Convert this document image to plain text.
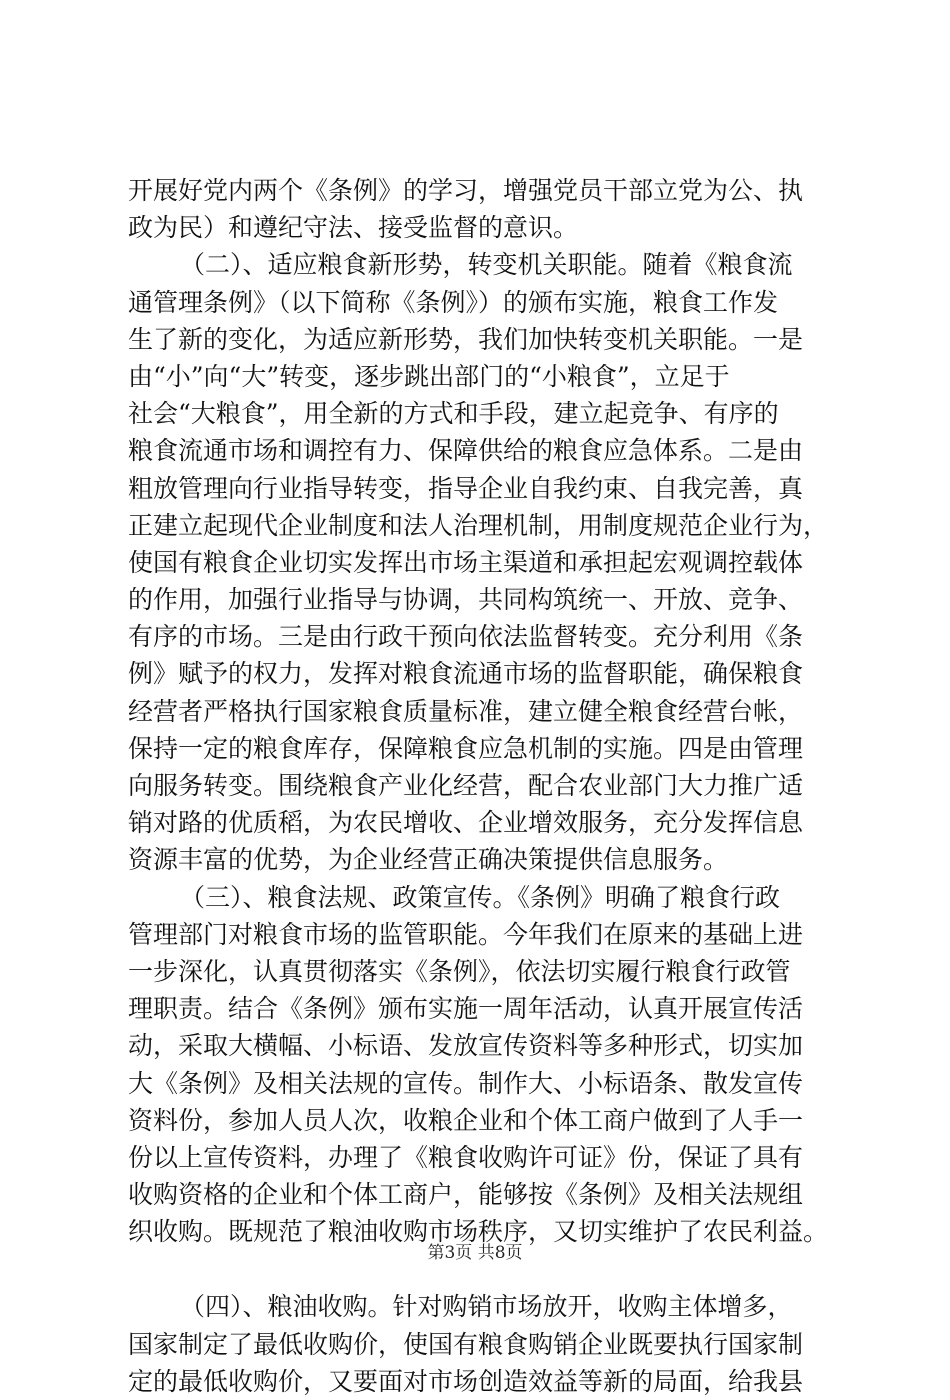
开展好党内两个《条例》的学习，增强党员干部立党为公、执
政为民）和遵纪守法、接受监督的意识。
（二）、适应粮食新形势，转变机关职能。随着《粮食流
通管理条例》（以下简称《条例》）的颁布实施，粮食工作发
生了新的变化，为适应新形势，我们加快转变机关职能。一是
由“小”向“大”转变，逐步跳出部门的“小粮食”，立足于
社会“大粮食”，用全新的方式和手段，建立起竞争、有序的
粮食流通市场和调控有力、保障供给的粮食应急体系。二是由
粗放管理向行业指导转变，指导企业自我约束、自我完善，真
正建立起现代企业制度和法人治理机制，用制度规范企业行为，
使国有粮食企业切实发挥出市场主渠道和承担起宏观调控载体
的作用，加强行业指导与协调，共同构筑统一、开放、竞争、
有序的市场。三是由行政干预向依法监督转变。充分利用《条
例》赋予的权力，发挥对粮食流通市场的监督职能，确保粮食
经营者严格执行国家粮食质量标准，建立健全粮食经营台帐，
保持一定的粮食库存，保障粮食应急机制的实施。四是由管理
向服务转变。围绕粮食产业化经营，配合农业部门大力推广适
销对路的优质稻，为农民增收、企业增效服务，充分发挥信息
资源丰富的优势，为企业经营正确决策提供信息服务。
（三）、粮食法规、政策宣传。《条例》明确了粮食行政
管理部门对粮食市场的监管职能。今年我们在原来的基础上进
一步深化，认真贯彻落实《条例》，依法切实履行粮食行政管
理职责。结合《条例》颁布实施一周年活动，认真开展宣传活
动，采取大横幅、小标语、发放宣传资料等多种形式，切实加
大《条例》及相关法规的宣传。制作大、小标语条、散发宣传
资料份，参加人员人次，收粮企业和个体工商户做到了人手一
份以上宣传资料，办理了《粮食收购许可证》份，保证了具有
收购资格的企业和个体工商户，能够按《条例》及相关法规组
织收购。既规范了粮油收购市场秩序，又切实维护了农民利益。
（四）、粮油收购。针对购销市场放开，收购主体增多，
国家制定了最低收购价，使国有粮食购销企业既要执行国家制
定的最低收购价，又要面对市场创造效益等新的局面，给我县
第3页 共8页
